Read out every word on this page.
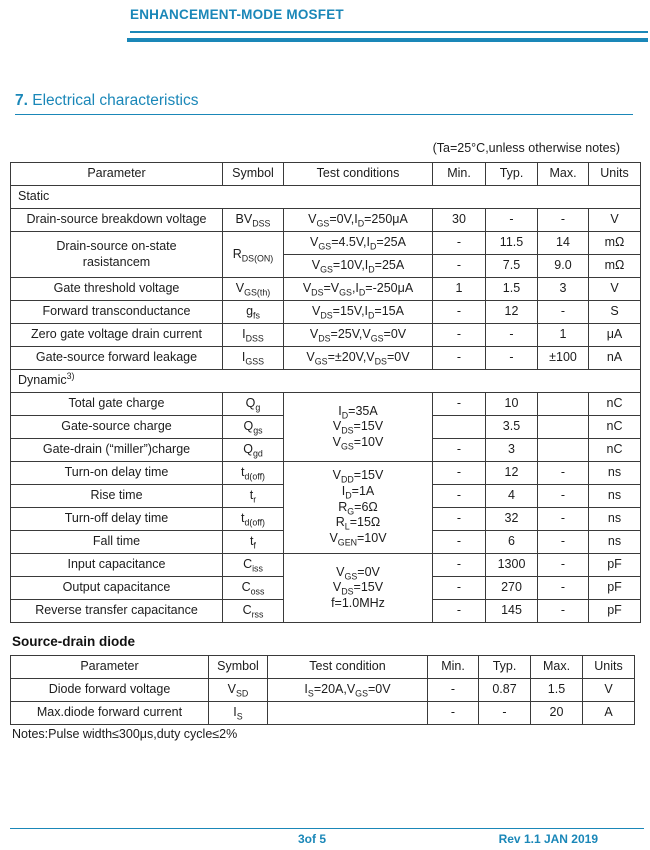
ENHANCEMENT-MODE MOSFET
7. Electrical characteristics
(Ta=25°C,unless otherwise notes)
Parameter	Symbol	Test conditions	Min.	Typ.	Max.	Units
Static						
Drain-source breakdown voltage	$BV_{DSS}$	$V_{GS}=0V,I_D=250\mu A$	30	-	-	V
Drain-source on-state
rasistancem	$R_{DS(ON)}$	$V_{GS}=4.5V,I_D=25A$	-	11.5	14	mΩ
		$V_{GS}=10V,I_D=25A$	-	7.5	9.0	mΩ
Gate threshold voltage	$V_{GS(th)}$	$V_{DS}=V_{GS},I_D=-250\mu A$	1	1.5	3	V
Forward transconductance	$g_{fs}$	$V_{DS}=15V,I_D=15A$	-	12	-	S
Zero gate voltage drain current	$I_{DSS}$	$V_{DS}=25V,V_{GS}=0V$	-	-	1	μA
Gate-source forward leakage	$I_{GSS}$	$V_{GS}=\pm 20V,V_{DS}=0V$	-	-	±100	nA
Dynamic$^{3)}$
Total gate charge	$Q_g$	$I_D=35A$
$V_{DS}=15V$
$V_{GS}=10V$	-	10		nC
Gate-source charge	$Q_{gs}$			3.5		nC
Gate-drain (“miller”)charge	$Q_{gd}$		-	3		nC
Turn-on delay time	$t_{d(off)}$	$V_{DD}=15V$
$I_D=1A$
$R_G=6\Omega$
$R_L=15\Omega$
$V_{GEN}=10V$	-	12	-	ns
Rise time	$t_r$		-	4	-	ns
Turn-off delay time	$t_{d(off)}$		-	32	-	ns
Fall time	$t_f$		-	6	-	ns
Input capacitance	$C_{iss}$	$V_{GS}=0V$
$V_{DS}=15V$
f=1.0MHz	-	1300	-	pF
Output capacitance	$C_{oss}$		-	270	-	pF
Reverse transfer capacitance	$C_{rss}$		-	145	-	pF
Source-drain diode
Parameter	Symbol	Test condition	Min.	Typ.	Max.	Units
Diode forward voltage	$V_{SD}$	$I_S=20A,V_{GS}=0V$	-	0.87	1.5	V
Max.diode forward current	$I_S$		-	-	20	A
Notes:Pulse width≤300μs,duty cycle≤2%
3of 5	Rev 1.1 JAN 2019
